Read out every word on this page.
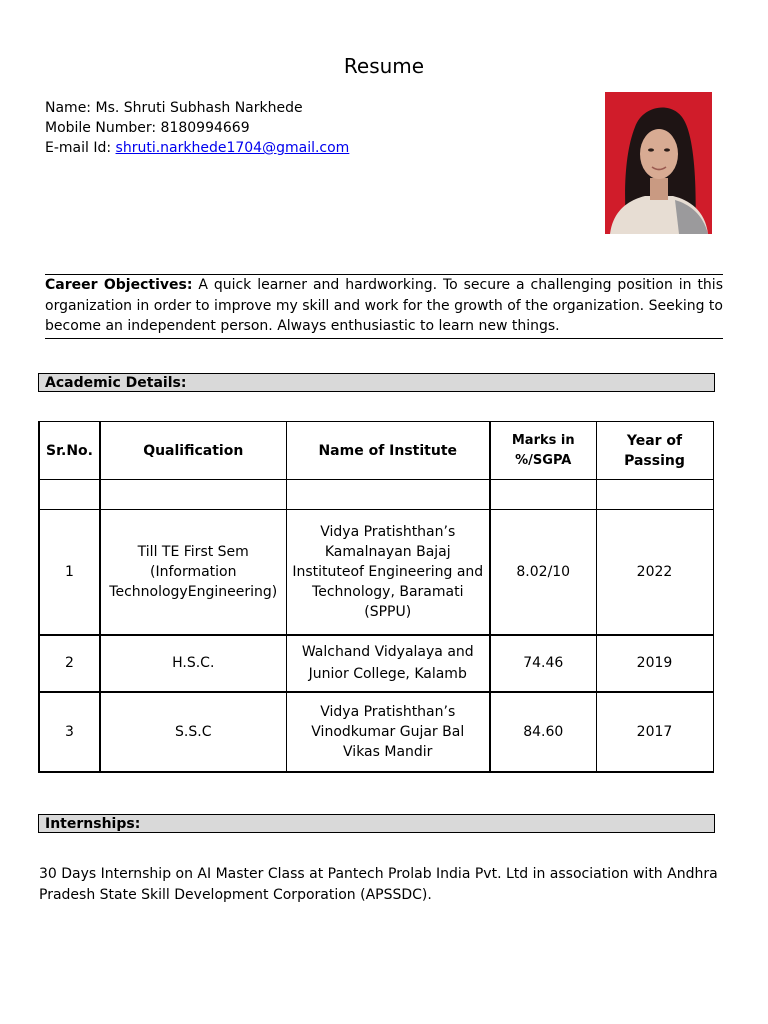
Resume
Name: Ms. Shruti Subhash Narkhede
Mobile Number: 8180994669
E-mail Id: shruti.narkhede1704@gmail.com
Career Objectives: A quick learner and hardworking. To secure a challenging position in this organization in order to improve my skill and work for the growth of the organization. Seeking to become an independent person. Always enthusiastic to learn new things.
Academic Details:
Sr.No.	Qualification	Name of Institute	Marks in %/SGPA	Year of Passing

1	Till TE First Sem (Information TechnologyEngineering)	Vidya Pratishthan’s Kamalnayan Bajaj Instituteof Engineering and Technology, Baramati (SPPU)	8.02/10	2022
2	H.S.C.	Walchand Vidyalaya and Junior College, Kalamb	74.46	2019
3	S.S.C	Vidya Pratishthan’s Vinodkumar Gujar Bal Vikas Mandir	84.60	2017
Internships:
30 Days Internship on AI Master Class at Pantech Prolab India Pvt. Ltd in association with Andhra Pradesh State Skill Development Corporation (APSSDC).
